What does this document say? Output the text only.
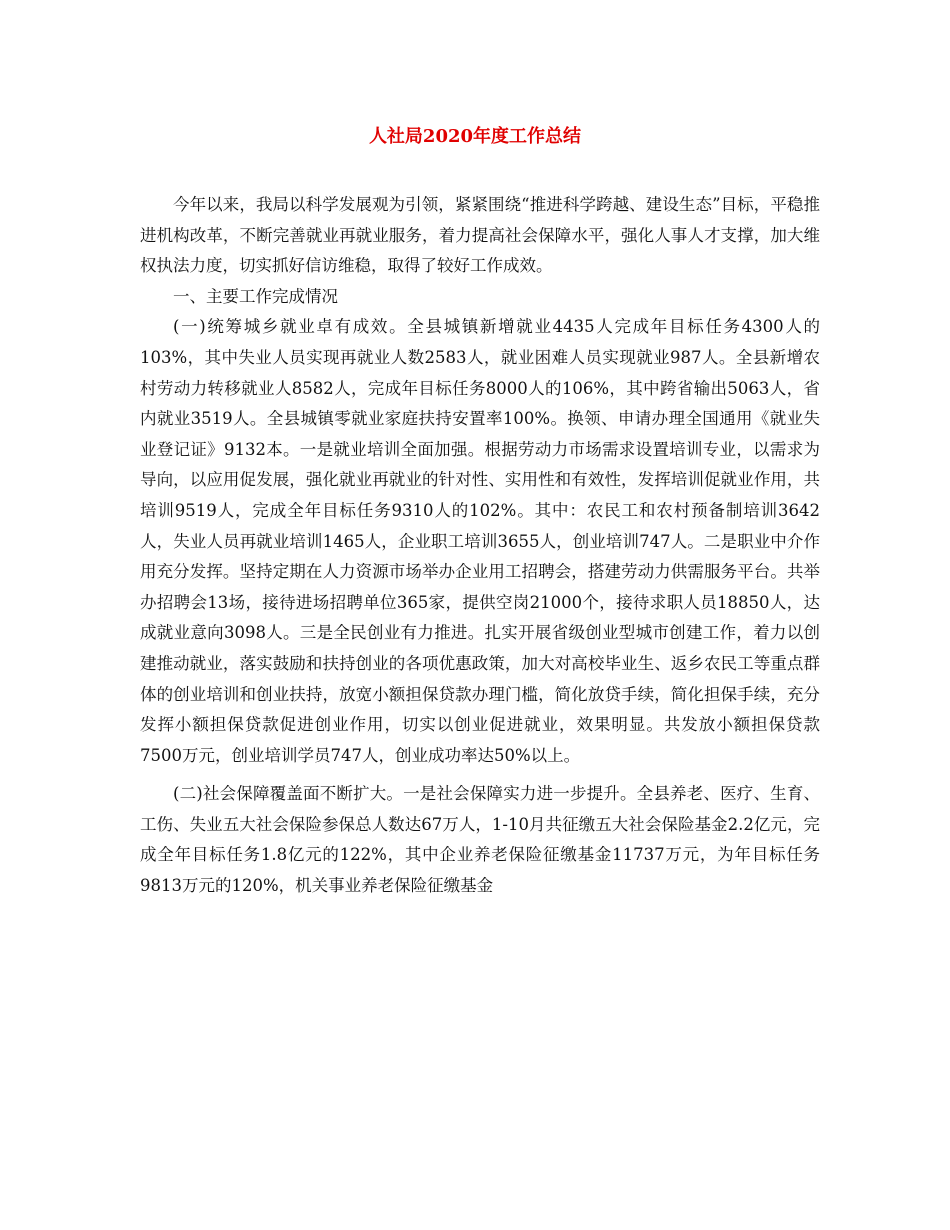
人社局2020年度工作总结

今年以来，我局以科学发展观为引领，紧紧围绕“推进科学跨越、建设生态”目标，平稳推进机构改革，不断完善就业再就业服务，着力提高社会保障水平，强化人事人才支撑，加大维权执法力度，切实抓好信访维稳，取得了较好工作成效。

一、主要工作完成情况

(一)统筹城乡就业卓有成效。全县城镇新增就业4435人完成年目标任务4300人的103%，其中失业人员实现再就业人数2583人，就业困难人员实现就业987人。全县新增农村劳动力转移就业人8582人，完成年目标任务8000人的106%，其中跨省输出5063人，省内就业3519人。全县城镇零就业家庭扶持安置率100%。换领、申请办理全国通用《就业失业登记证》9132本。一是就业培训全面加强。根据劳动力市场需求设置培训专业，以需求为导向，以应用促发展，强化就业再就业的针对性、实用性和有效性，发挥培训促就业作用，共培训9519人，完成全年目标任务9310人的102%。其中：农民工和农村预备制培训3642人，失业人员再就业培训1465人，企业职工培训3655人，创业培训747人。二是职业中介作用充分发挥。坚持定期在人力资源市场举办企业用工招聘会，搭建劳动力供需服务平台。共举办招聘会13场，接待进场招聘单位365家，提供空岗21000个，接待求职人员18850人，达成就业意向3098人。三是全民创业有力推进。扎实开展省级创业型城市创建工作，着力以创建推动就业，落实鼓励和扶持创业的各项优惠政策，加大对高校毕业生、返乡农民工等重点群体的创业培训和创业扶持，放宽小额担保贷款办理门槛，简化放贷手续，简化担保手续，充分发挥小额担保贷款促进创业作用，切实以创业促进就业，效果明显。共发放小额担保贷款7500万元，创业培训学员747人，创业成功率达50%以上。

(二)社会保障覆盖面不断扩大。一是社会保障实力进一步提升。全县养老、医疗、生育、工伤、失业五大社会保险参保总人数达67万人，1-10月共征缴五大社会保险基金2.2亿元，完成全年目标任务1.8亿元的122%，其中企业养老保险征缴基金11737万元，为年目标任务9813万元的120%，机关事业养老保险征缴基金
